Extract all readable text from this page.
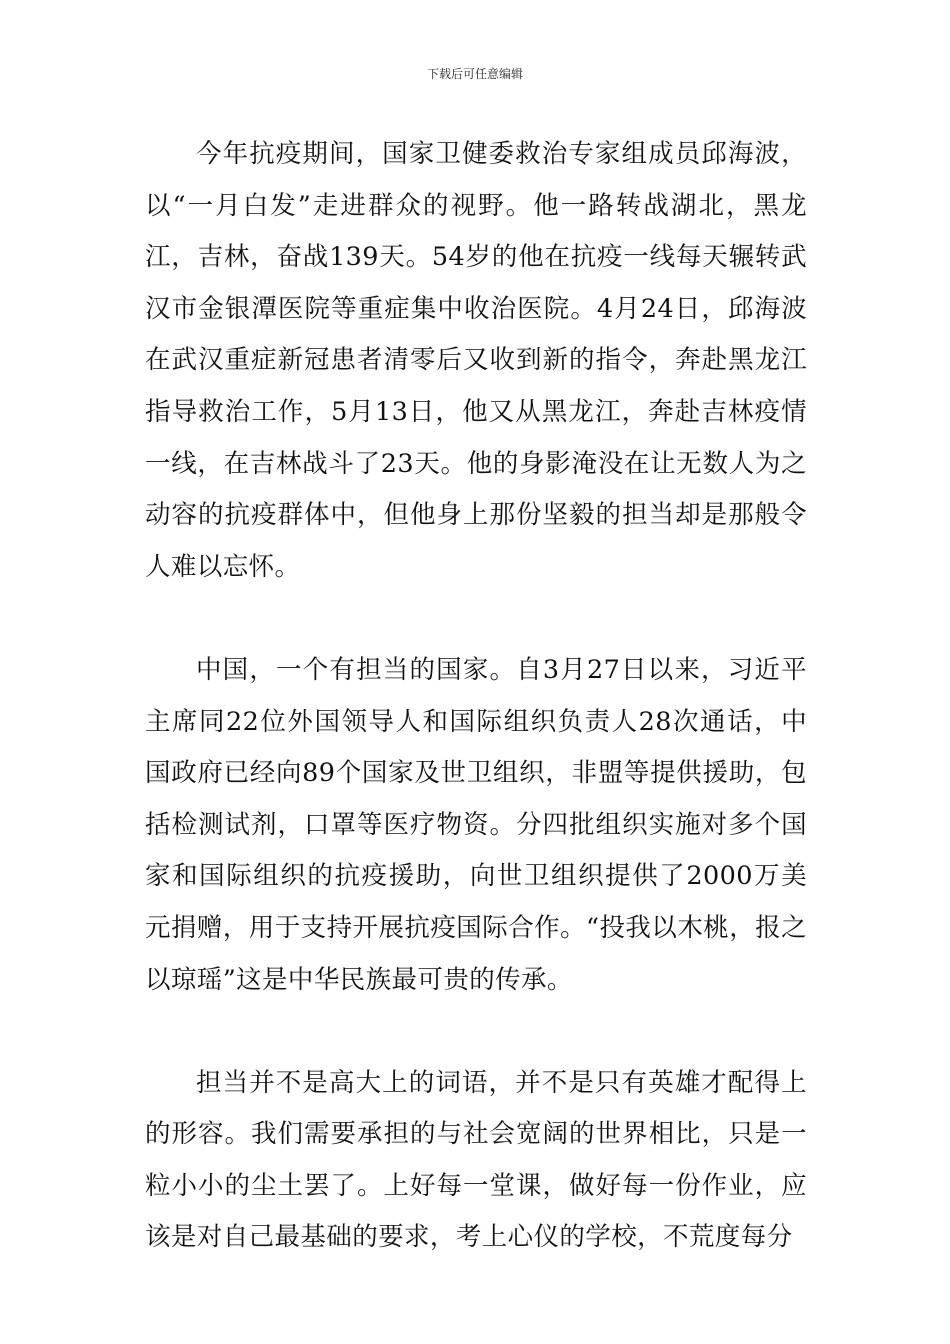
下载后可任意编辑

今年抗疫期间，国家卫健委救治专家组成员邱海波，以“一月白发”走进群众的视野。他一路转战湖北，黑龙江，吉林，奋战139天。54岁的他在抗疫一线每天辗转武汉市金银潭医院等重症集中收治医院。4月24日，邱海波在武汉重症新冠患者清零后又收到新的指令，奔赴黑龙江指导救治工作，5月13日，他又从黑龙江，奔赴吉林疫情一线，在吉林战斗了23天。他的身影淹没在让无数人为之动容的抗疫群体中，但他身上那份坚毅的担当却是那般令人难以忘怀。

中国，一个有担当的国家。自3月27日以来，习近平主席同22位外国领导人和国际组织负责人28次通话，中国政府已经向89个国家及世卫组织，非盟等提供援助，包括检测试剂，口罩等医疗物资。分四批组织实施对多个国家和国际组织的抗疫援助，向世卫组织提供了2000万美元捐赠，用于支持开展抗疫国际合作。“投我以木桃，报之以琼瑶”这是中华民族最可贵的传承。

担当并不是高大上的词语，并不是只有英雄才配得上的形容。我们需要承担的与社会宽阔的世界相比，只是一粒小小的尘土罢了。上好每一堂课，做好每一份作业，应该是对自己最基础的要求，考上心仪的学校，不荒度每分
